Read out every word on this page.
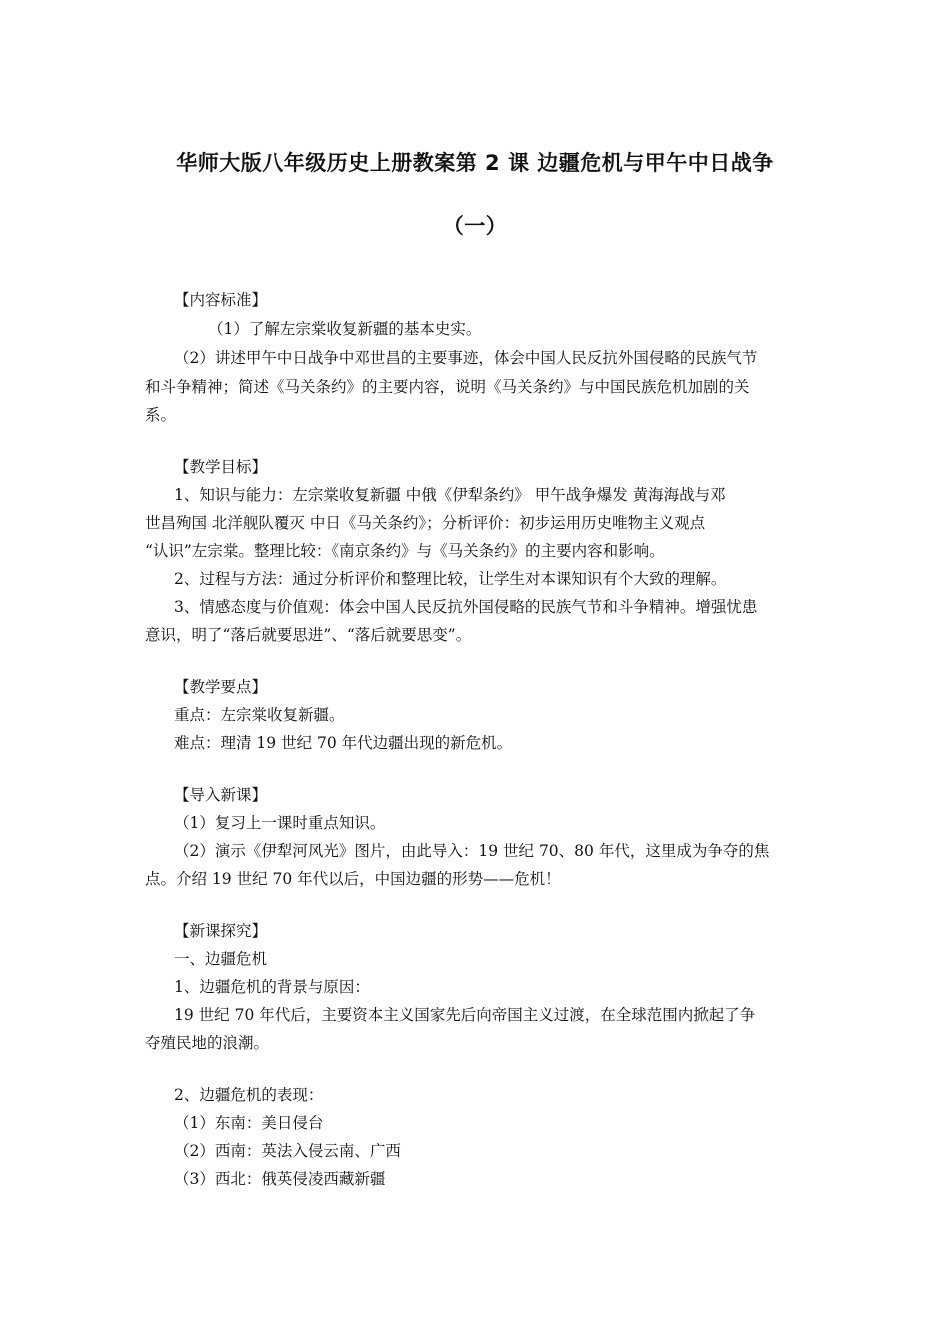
华师大版八年级历史上册教案第 2 课 边疆危机与甲午中日战争
（一）

【内容标准】

（1）了解左宗棠收复新疆的基本史实。

（2）讲述甲午中日战争中邓世昌的主要事迹，体会中国人民反抗外国侵略的民族气节

和斗争精神；简述《马关条约》的主要内容，说明《马关条约》与中国民族危机加剧的关

系。

【教学目标】

1、知识与能力：左宗棠收复新疆 中俄《伊犁条约》 甲午战争爆发 黄海海战与邓

世昌殉国 北洋舰队覆灭 中日《马关条约》；分析评价：初步运用历史唯物主义观点

“认识”左宗棠。整理比较：《南京条约》与《马关条约》的主要内容和影响。

2、过程与方法：通过分析评价和整理比较，让学生对本课知识有个大致的理解。

3、情感态度与价值观：体会中国人民反抗外国侵略的民族气节和斗争精神。增强忧患

意识，明了“落后就要思进”、“落后就要思变”。

【教学要点】

重点：左宗棠收复新疆。

难点：理清 19 世纪 70 年代边疆出现的新危机。

【导入新课】

（1）复习上一课时重点知识。

（2）演示《伊犁河风光》图片，由此导入：19 世纪 70、80 年代，这里成为争夺的焦

点。介绍 19 世纪 70 年代以后，中国边疆的形势——危机！

【新课探究】

一、边疆危机

1、边疆危机的背景与原因：

19 世纪 70 年代后，主要资本主义国家先后向帝国主义过渡，在全球范围内掀起了争

夺殖民地的浪潮。

2、边疆危机的表现：

（1）东南：美日侵台

（2）西南：英法入侵云南、广西

（3）西北：俄英侵凌西藏新疆
